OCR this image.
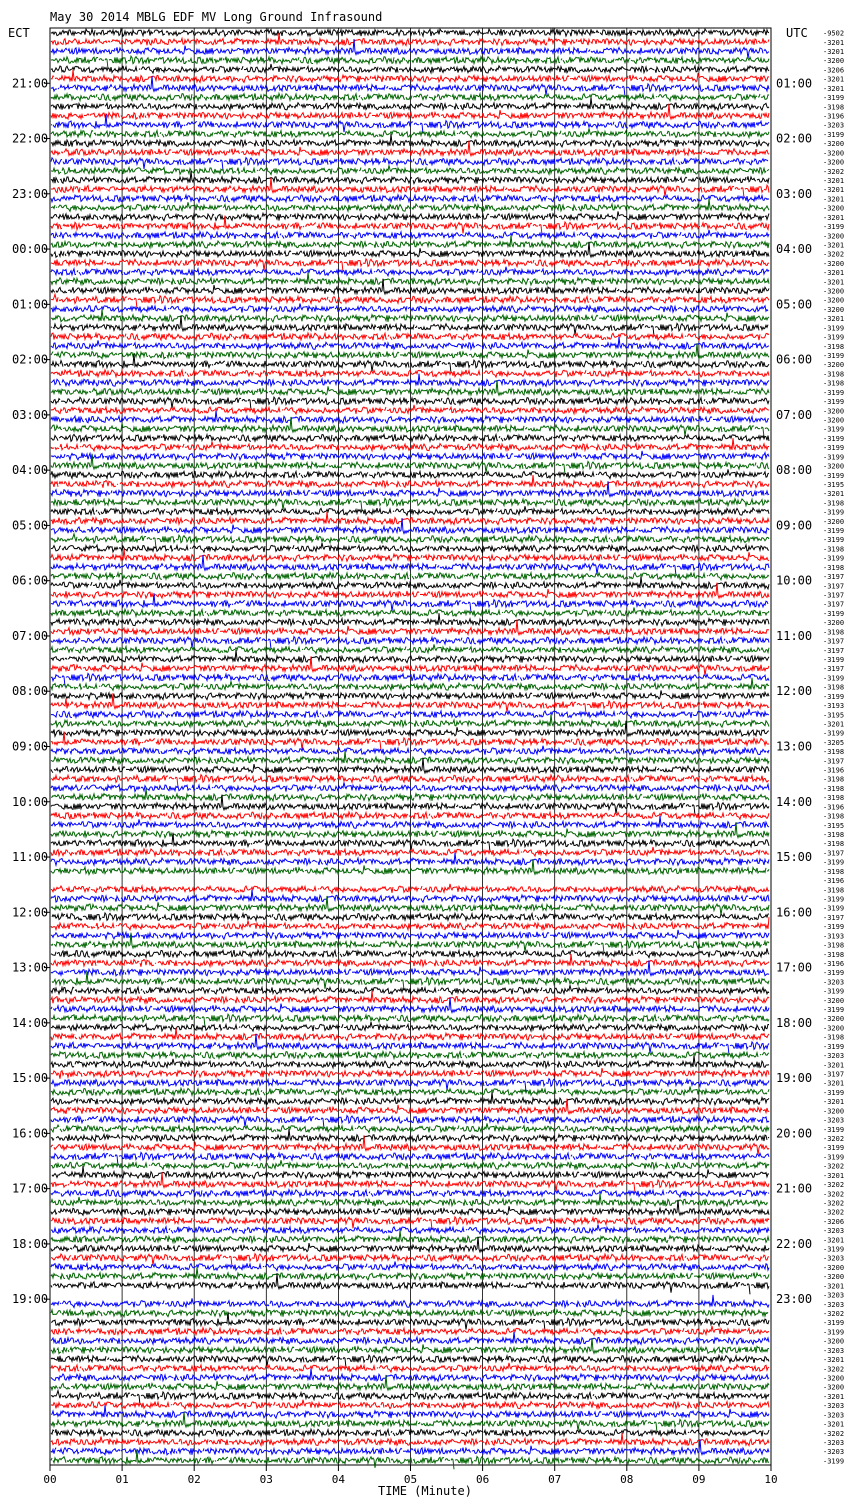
00	01	02	03	04	05	06	07	08	09	10
21:00
22:00
23:00
00:00
01:00
02:00
03:00
04:00
05:00
06:00
07:00
08:00
09:00
10:00
11:00
12:00
13:00
14:00
15:00
16:00
17:00
18:00
19:00
01:00
02:00
03:00
04:00
05:00
06:00
07:00
08:00
09:00
10:00
11:00
12:00
13:00
14:00
15:00
16:00
17:00
18:00
19:00
20:00
21:00
22:00
23:00
-9502
-3201
-3201
-3200
-3206
-3201
-3201
-3199
-3198
-3196
-3203
-3199
-3200
-3200
-3200
-3202
-3201
-3201
-3201
-3200
-3201
-3199
-3200
-3201
-3202
-3200
-3201
-3201
-3200
-3200
-3200
-3201
-3199
-3199
-3198
-3199
-3200
-3198
-3198
-3199
-3199
-3200
-3200
-3199
-3199
-3199
-3199
-3200
-3199
-3195
-3201
-3198
-3199
-3200
-3199
-3199
-3198
-3199
-3198
-3197
-3197
-3197
-3197
-3199
-3200
-3198
-3197
-3197
-3199
-3197
-3199
-3198
-3199
-3193
-3195
-3201
-3199
-3205
-3198
-3197
-3196
-3198
-3198
-3198
-3196
-3198
-3195
-3198
-3198
-3197
-3199
-3198
-3196
-3198
-3199
-3199
-3197
-3199
-3193
-3198
-3198
-3196
-3199
-3203
-3199
-3200
-3199
-3200
-3200
-3198
-3199
-3203
-3201
-3197
-3201
-3199
-3201
-3200
-3203
-3199
-3202
-3199
-3199
-3202
-3201
-3202
-3202
-3202
-3202
-3206
-3203
-3201
-3199
-3203
-3200
-3200
-3201
-3203
-3203
-3202
-3199
-3199
-3200
-3203
-3201
-3202
-3200
-3200
-3201
-3203
-3203
-3201
-3202
-3203
-3203
-3199
May 30 2014 MBLG EDF MV Long Ground Infrasound
ECT	UTC
TIME (Minute)
